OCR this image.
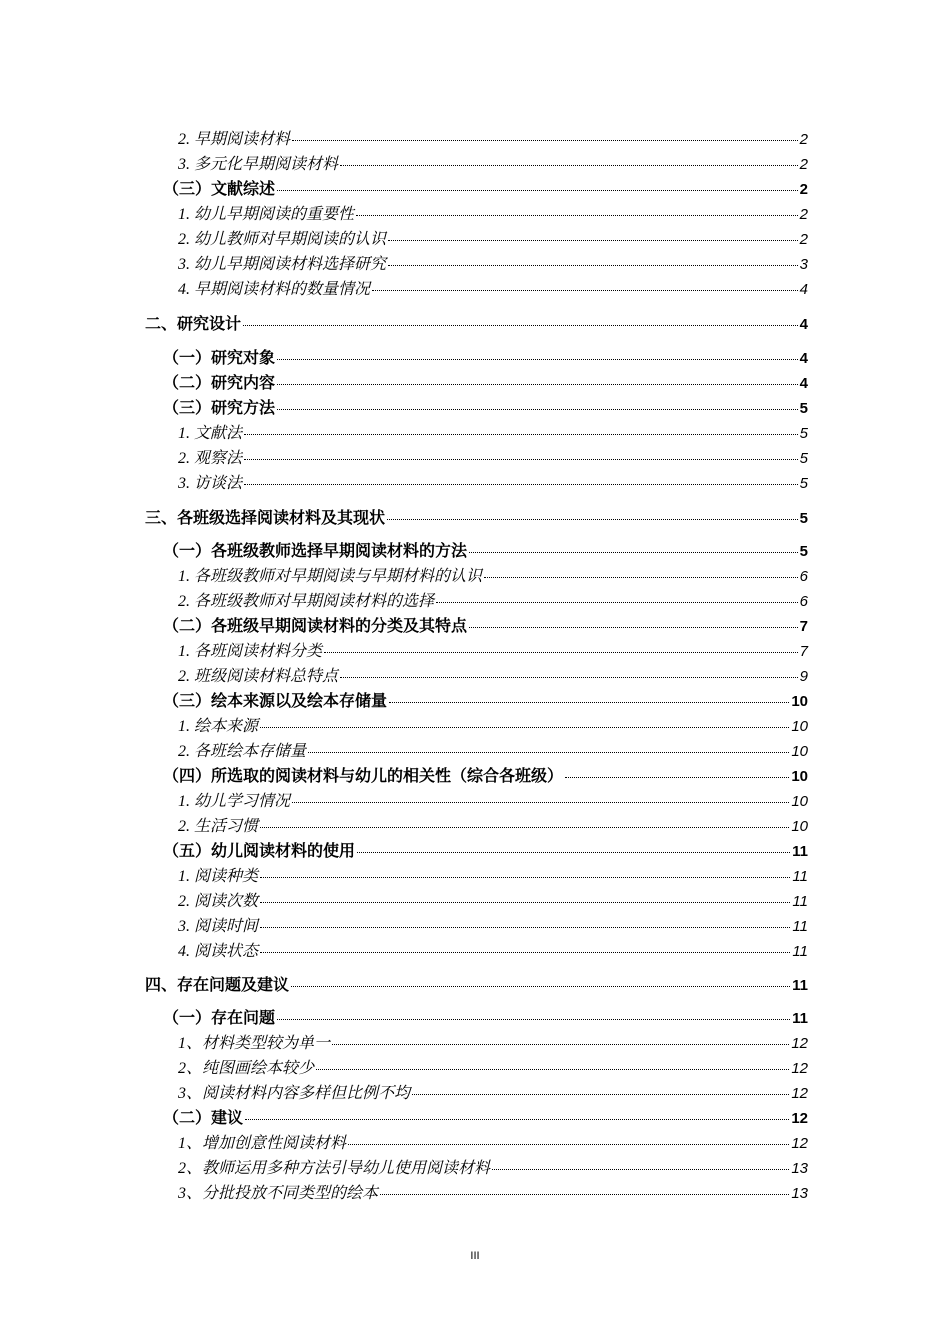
2. 早期阅读材料	2
3. 多元化早期阅读材料	2
（三）文献综述	2
1. 幼儿早期阅读的重要性	2
2. 幼儿教师对早期阅读的认识	2
3. 幼儿早期阅读材料选择研究	3
4. 早期阅读材料的数量情况	4
二、研究设计	4
（一）研究对象	4
（二）研究内容	4
（三）研究方法	5
1. 文献法	5
2. 观察法	5
3. 访谈法	5
三、各班级选择阅读材料及其现状	5
（一）各班级教师选择早期阅读材料的方法	5
1. 各班级教师对早期阅读与早期材料的认识	6
2. 各班级教师对早期阅读材料的选择	6
（二）各班级早期阅读材料的分类及其特点	7
1. 各班阅读材料分类	7
2. 班级阅读材料总特点	9
（三）绘本来源以及绘本存储量	10
1. 绘本来源	10
2. 各班绘本存储量	10
（四）所选取的阅读材料与幼儿的相关性（综合各班级）	10
1. 幼儿学习情况	10
2. 生活习惯	10
（五）幼儿阅读材料的使用	11
1. 阅读种类	11
2. 阅读次数	11
3. 阅读时间	11
4. 阅读状态	11
四、存在问题及建议	11
（一）存在问题	11
1、材料类型较为单一	12
2、纯图画绘本较少	12
3、阅读材料内容多样但比例不均	12
（二）建议	12
1、增加创意性阅读材料	12
2、教师运用多种方法引导幼儿使用阅读材料	13
3、分批投放不同类型的绘本	13
III
